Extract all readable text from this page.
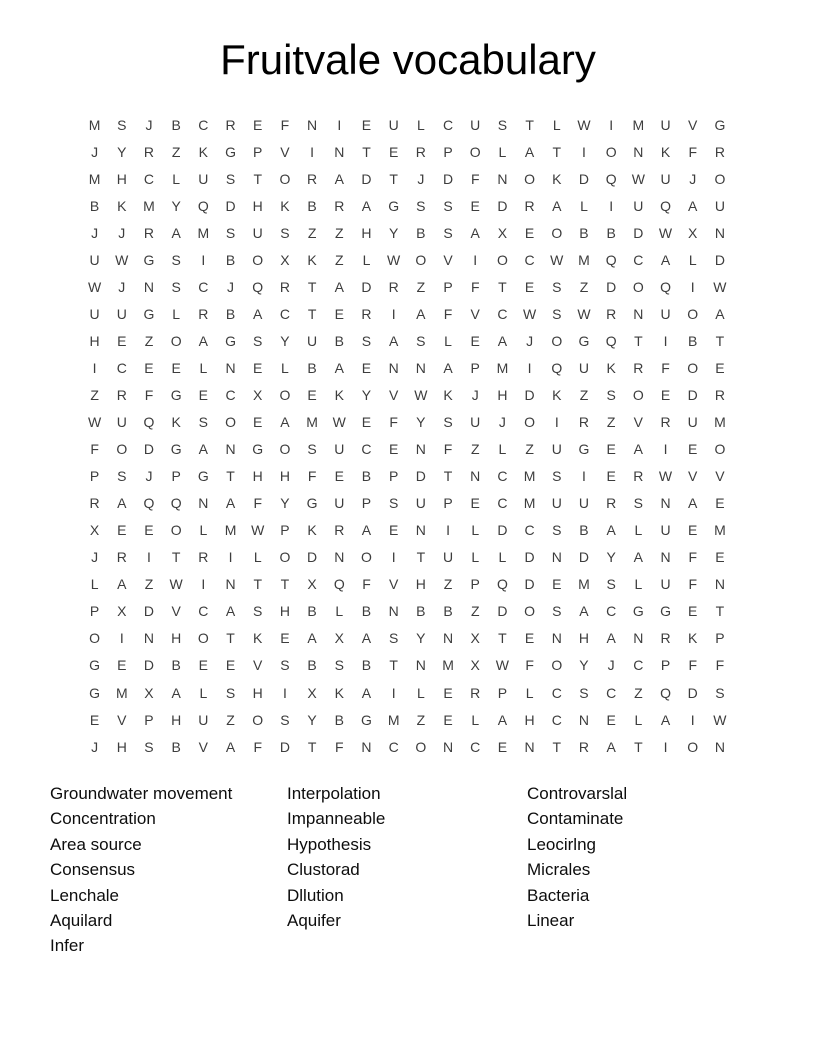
Fruitvale vocabulary
M	S	J	B	C	R	E	F	N	I	E	U	L	C	U	S	T	L	W	I	M	U	V	G
J	Y	R	Z	K	G	P	V	I	N	T	E	R	P	O	L	A	T	I	O	N	K	F	R
M	H	C	L	U	S	T	O	R	A	D	T	J	D	F	N	O	K	D	Q	W	U	J	O
B	K	M	Y	Q	D	H	K	B	R	A	G	S	S	E	D	R	A	L	I	U	Q	A	U
J	J	R	A	M	S	U	S	Z	Z	H	Y	B	S	A	X	E	O	B	B	D	W	X	N
U	W	G	S	I	B	O	X	K	Z	L	W	O	V	I	O	C	W	M	Q	C	A	L	D
W	J	N	S	C	J	Q	R	T	A	D	R	Z	P	F	T	E	S	Z	D	O	Q	I	W
U	U	G	L	R	B	A	C	T	E	R	I	A	F	V	C	W	S	W	R	N	U	O	A
H	E	Z	O	A	G	S	Y	U	B	S	A	S	L	E	A	J	O	G	Q	T	I	B	T
I	C	E	E	L	N	E	L	B	A	E	N	N	A	P	M	I	Q	U	K	R	F	O	E
Z	R	F	G	E	C	X	O	E	K	Y	V	W	K	J	H	D	K	Z	S	O	E	D	R
W	U	Q	K	S	O	E	A	M	W	E	F	Y	S	U	J	O	I	R	Z	V	R	U	M
F	O	D	G	A	N	G	O	S	U	C	E	N	F	Z	L	Z	U	G	E	A	I	E	O
P	S	J	P	G	T	H	H	F	E	B	P	D	T	N	C	M	S	I	E	R	W	V	V
R	A	Q	Q	N	A	F	Y	G	U	P	S	U	P	E	C	M	U	U	R	S	N	A	E
X	E	E	O	L	M	W	P	K	R	A	E	N	I	L	D	C	S	B	A	L	U	E	M
J	R	I	T	R	I	L	O	D	N	O	I	T	U	L	L	D	N	D	Y	A	N	F	E
L	A	Z	W	I	N	T	T	X	Q	F	V	H	Z	P	Q	D	E	M	S	L	U	F	N
P	X	D	V	C	A	S	H	B	L	B	N	B	B	Z	D	O	S	A	C	G	G	E	T
O	I	N	H	O	T	K	E	A	X	A	S	Y	N	X	T	E	N	H	A	N	R	K	P
G	E	D	B	E	E	V	S	B	S	B	T	N	M	X	W	F	O	Y	J	C	P	F	F
G	M	X	A	L	S	H	I	X	K	A	I	L	E	R	P	L	C	S	C	Z	Q	D	S
E	V	P	H	U	Z	O	S	Y	B	G	M	Z	E	L	A	H	C	N	E	L	A	I	W
J	H	S	B	V	A	F	D	T	F	N	C	O	N	C	E	N	T	R	A	T	I	O	N
Groundwater movement
Concentration
Area source
Consensus
Lenchale
Aquilard
Infer
Interpolation
Impanneable
Hypothesis
Clustorad
Dllution
Aquifer
Controvarslal
Contaminate
Leocirlng
Micrales
Bacteria
Linear
